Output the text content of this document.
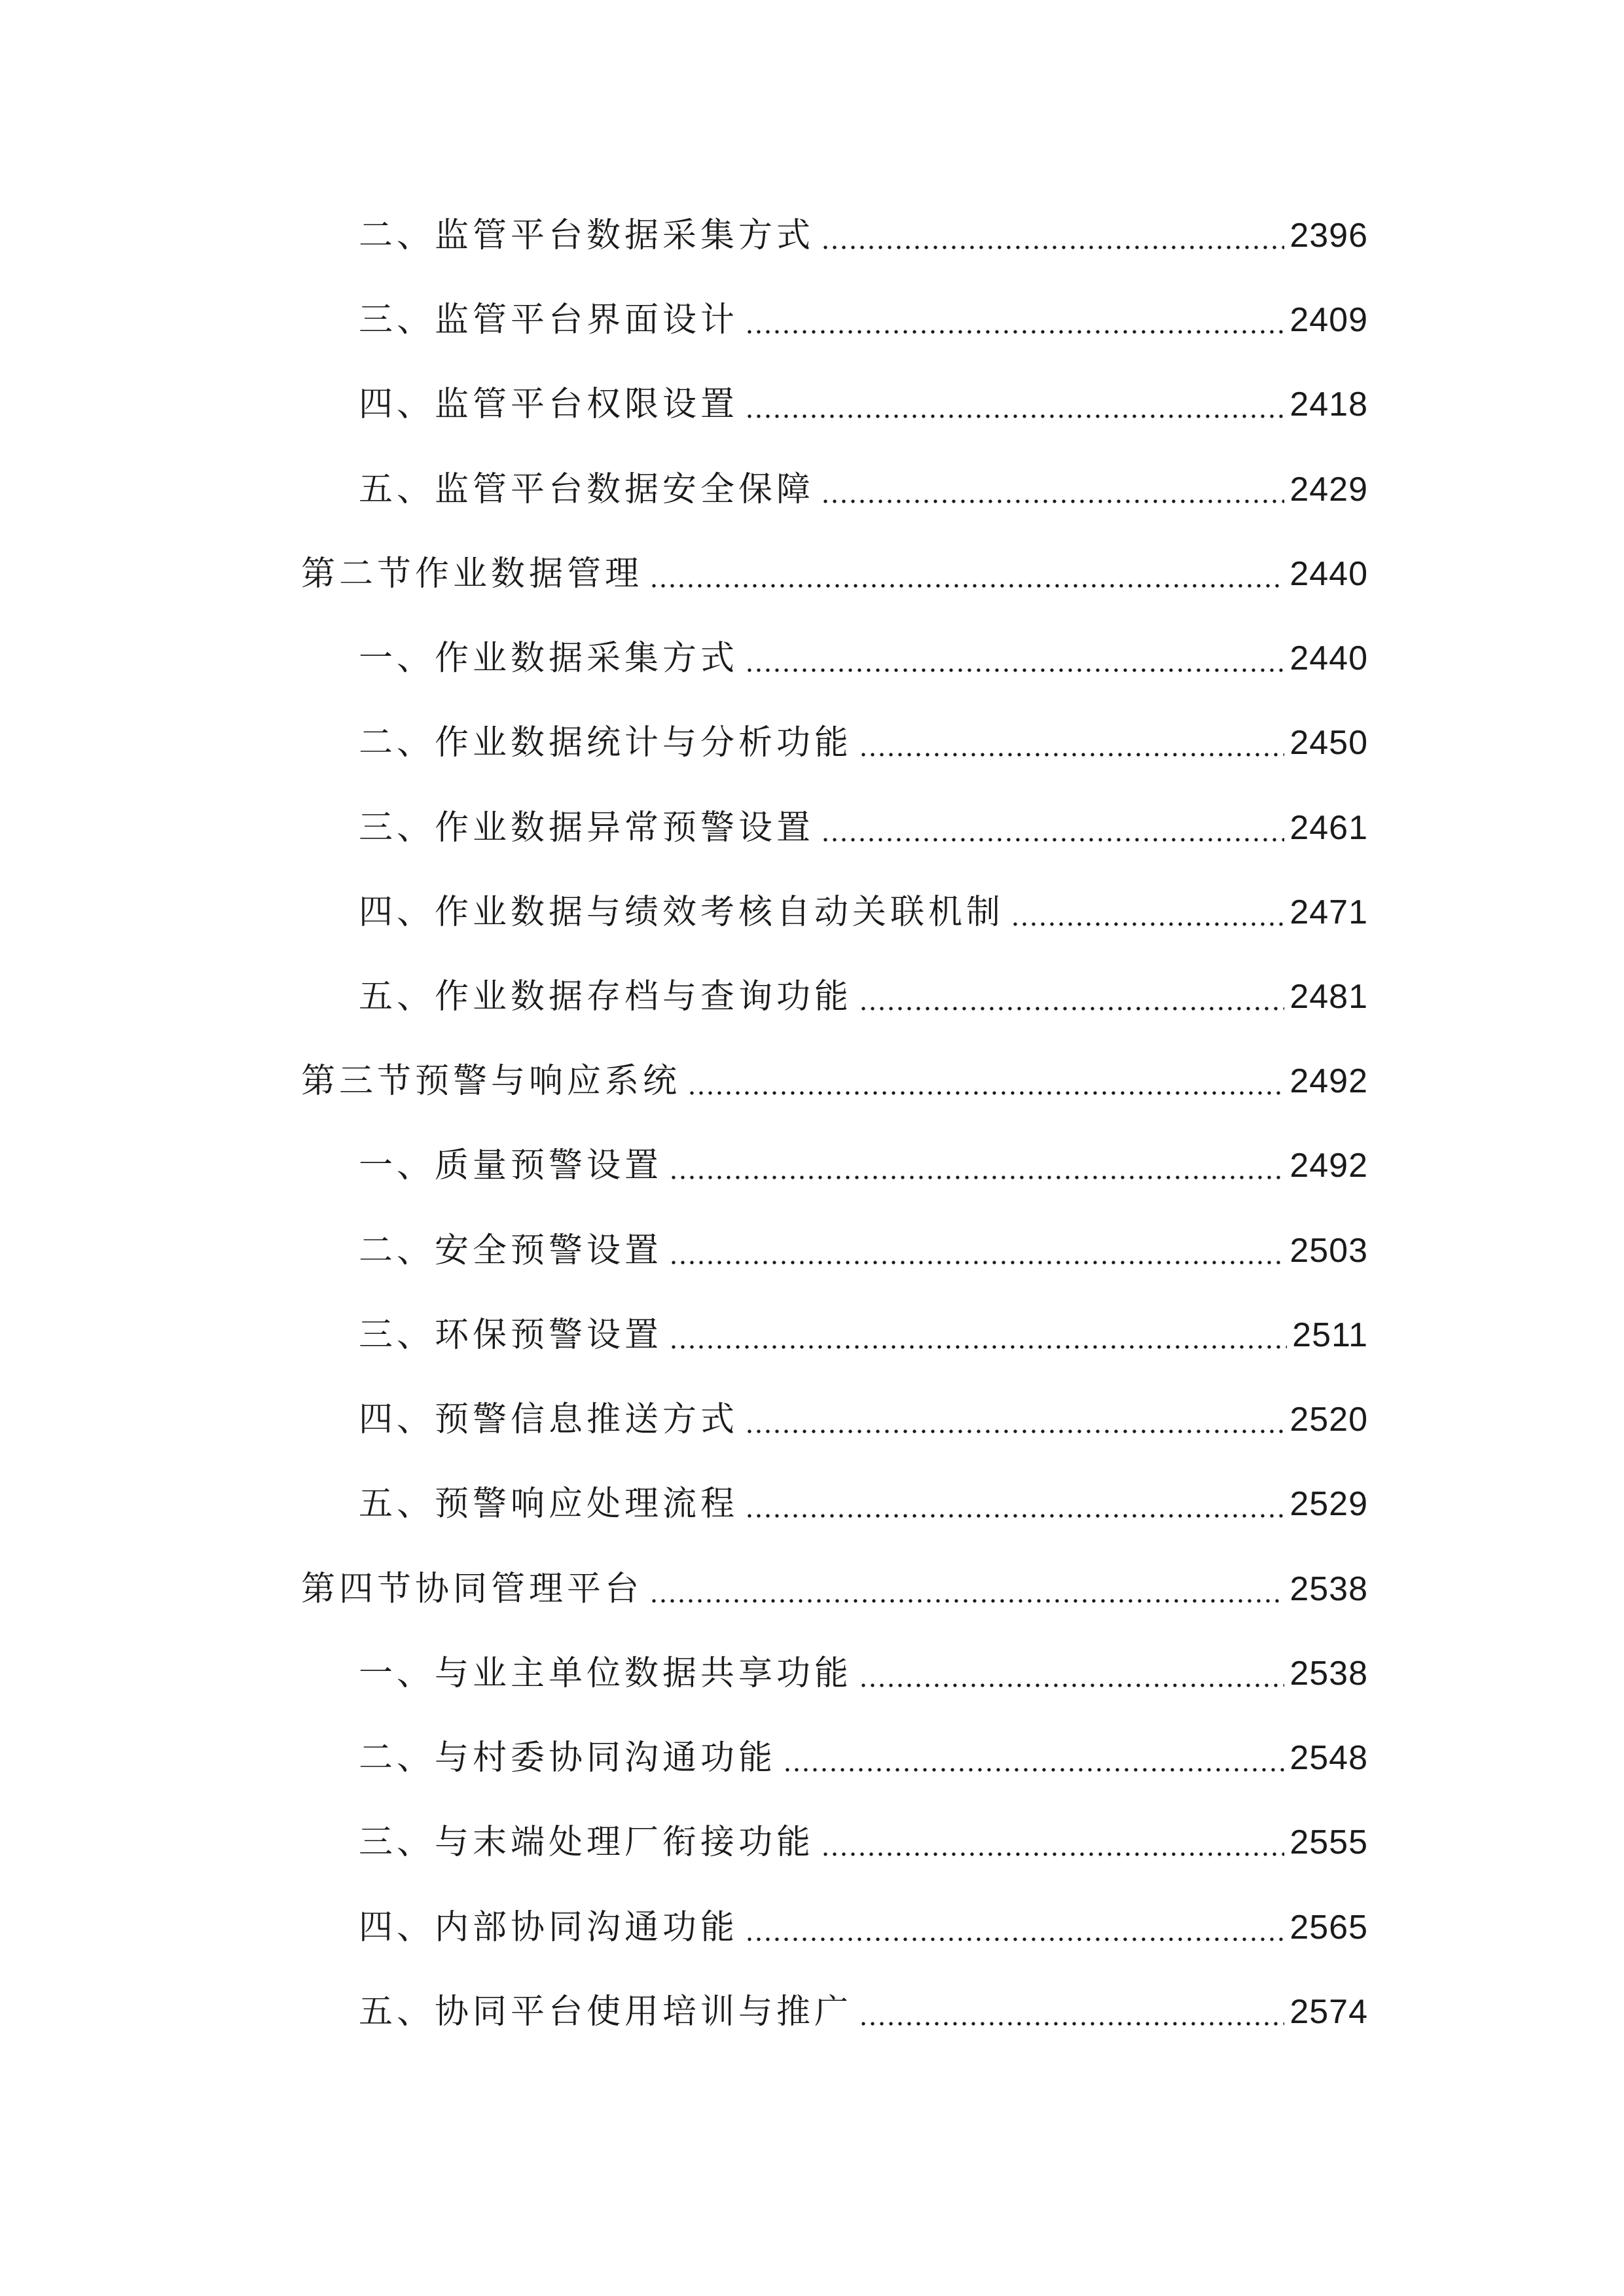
二、监管平台数据采集方式	2396
三、监管平台界面设计	2409
四、监管平台权限设置	2418
五、监管平台数据安全保障	2429
第二节作业数据管理	2440
一、作业数据采集方式	2440
二、作业数据统计与分析功能	2450
三、作业数据异常预警设置	2461
四、作业数据与绩效考核自动关联机制	2471
五、作业数据存档与查询功能	2481
第三节预警与响应系统	2492
一、质量预警设置	2492
二、安全预警设置	2503
三、环保预警设置	2511
四、预警信息推送方式	2520
五、预警响应处理流程	2529
第四节协同管理平台	2538
一、与业主单位数据共享功能	2538
二、与村委协同沟通功能	2548
三、与末端处理厂衔接功能	2555
四、内部协同沟通功能	2565
五、协同平台使用培训与推广	2574
